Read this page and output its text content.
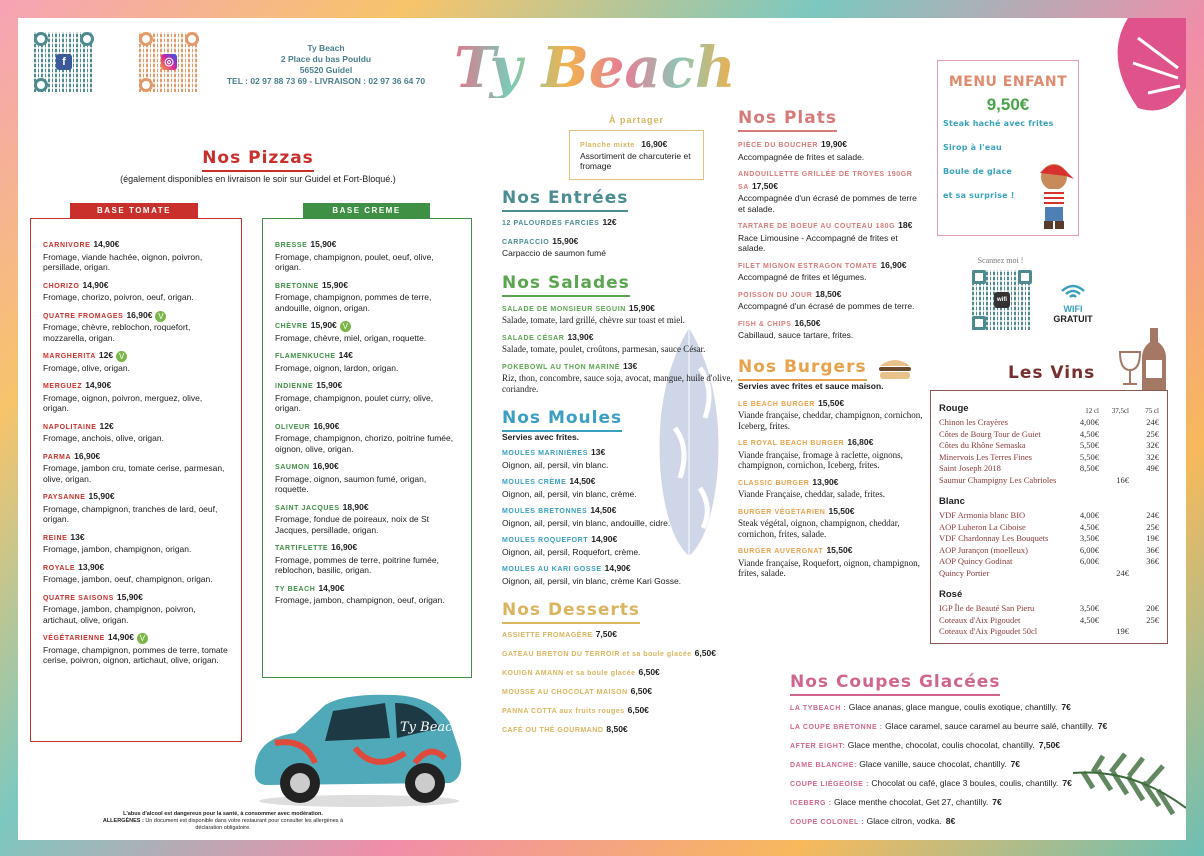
f	◎
Ty Beach
2 Place du bas Pouldu
56520 Guidel
TEL : 02 97 88 73 69 - LIVRAISON : 02 97 36 64 70 Ty Beach
Nos Pizzas
(également disponibles en livraison le soir sur Guidel et Fort-Bloqué.)
CARNIVORE 14,90€
Fromage, viande hachée, oignon, poivron, persillade, origan.
CHORIZO 14,90€
Fromage, chorizo, poivron, oeuf, origan.
QUATRE FROMAGES 16,90€ V
Fromage, chèvre, reblochon, roquefort, mozzarella, origan.
MARGHERITA 12€ V
Fromage, olive, origan.
MERGUEZ 14,90€
Fromage, oignon, poivron, merguez, olive, origan.
NAPOLITAINE 12€
Fromage, anchois, olive, origan.
PARMA 16,90€
Fromage, jambon cru, tomate cerise, parmesan, olive, origan.
PAYSANNE 15,90€
Fromage, champignon, tranches de lard, oeuf, origan.
REINE 13€
Fromage, jambon, champignon, origan.
ROYALE 13,90€
Fromage, jambon, oeuf, champignon, origan.
QUATRE SAISONS 15,90€
Fromage, jambon, champignon, poivron, artichaut, olive, origan.
VÉGÉTARIENNE 14,90€ V
Fromage, champignon, pommes de terre, tomate cerise, poivron, oignon, artichaut, olive, origan.
BASE TOMATE
BRESSE 15,90€
Fromage, champignon, poulet, oeuf, olive, origan.
BRETONNE 15,90€
Fromage, champignon, pommes de terre, andouille, oignon, origan.
CHÈVRE 15,90€ V
Fromage, chèvre, miel, origan, roquette.
FLAMENKUCHE 14€
Fromage, oignon, lardon, origan.
INDIENNE 15,90€
Fromage, champignon, poulet curry, olive, origan.
OLIVEUR 16,90€
Fromage, champignon, chorizo, poitrine fumée, oignon, olive, origan.
SAUMON 16,90€
Fromage, oignon, saumon fumé, origan, roquette.
SAINT JACQUES 18,90€
Fromage, fondue de poireaux, noix de St Jacques, persillade, origan.
TARTIFLETTE 16,90€
Fromage, pommes de terre, poitrine fumée, reblochon, basilic, origan.
TY BEACH 14,90€
Fromage, jambon, champignon, oeuf, origan.
BASE CREME
Ty Beach
L'abus d'alcool est dangereux pour la santé, à consommer avec modération.
ALLERGÈNES : Un document est disponible dans votre restaurant pour consulter les allergènes à déclaration obligatoire.
À partager
Planche mixte 16,90€
Assortiment de charcuterie et fromage
Nos Entrées
12 PALOURDES FARCIES 12€
CARPACCIO 15,90€
Carpaccio de saumon fumé
Nos Salades
SALADE DE MONSIEUR SEGUIN 15,90€
Salade, tomate, lard grillé, chèvre sur toast et miel.
SALADE CÉSAR 13,90€
Salade, tomate, poulet, croûtons, parmesan, sauce César.
POKEBOWL AU THON MARINÉ 13€
Riz, thon, concombre, sauce soja, avocat, mangue, huile d'olive, coriandre.
Nos Moules
Servies avec frites.
MOULES MARINIÈRES 13€
Oignon, ail, persil, vin blanc.
MOULES CRÈME 14,50€
Oignon, ail, persil, vin blanc, crème.
MOULES BRETONNES 14,50€
Oignon, ail, persil, vin blanc, andouille, cidre.
MOULES ROQUEFORT 14,90€
Oignon, ail, persil, Roquefort, crème.
MOULES AU KARI GOSSE 14,90€
Oignon, ail, persil, vin blanc, crème Kari Gosse.
Nos Desserts
ASSIETTE FROMAGÈRE 7,50€
GATEAU BRETON DU TERROIR et sa boule glacée 6,50€
KOUIGN AMANN et sa boule glacée 6,50€
MOUSSE AU CHOCOLAT MAISON 6,50€
PANNA COTTA aux fruits rouges 6,50€
CAFÉ OU THÉ GOURMAND 8,50€
Nos Plats
PIÈCE DU BOUCHER 19,90€
Accompagnée de frites et salade.
ANDOUILLETTE GRILLÉE DE TROYES 190GR SA 17,50€
Accompagnée d'un écrasé de pommes de terre et salade.
TARTARE DE BOEUF AU COUTEAU 180G 18€
Race Limousine - Accompagné de frites et salade.
FILET MIGNON ESTRAGON TOMATE 16,90€
Accompagné de frites et légumes.
POISSON DU JOUR 18,50€
Accompagné d'un écrasé de pommes de terre.
FISH & CHIPS 16,50€
Cabillaud, sauce tartare, frites.
Nos Burgers
Servies avec frites et sauce maison.
LE BEACH BURGER 15,50€
Viande française, cheddar, champignon, cornichon, Iceberg, frites.
LE ROYAL BEACH BURGER 16,80€
Viande française, fromage à raclette, oignons, champignon, cornichon, Iceberg, frites.
CLASSIC BURGER 13,90€
Viande Française, cheddar, salade, frites.
BURGER VÉGÉTARIEN 15,50€
Steak végétal, oignon, champignon, cheddar, cornichon, frites, salade.
BURGER AUVERGNAT 15,50€
Viande française, Roquefort, oignon, champignon, frites, salade.
MENU ENFANT
9,50€
Steak haché avec frites
Sirop à l'eau
Boule de glace
et sa surprise !
Scannez moi !
wifi
WIFI
GRATUIT
Les Vins
Rouge	12 cl	37,5cl	75 cl
Chinon les Crayères	4,00€		24€
Côtes de Bourg Tour de Guiet	4,50€		25€
Côtes du Rhône Semaska	5,50€		32€
Minervois Les Terres Fines	5,50€		32€
Saint Joseph 2018	8,50€		49€
Saumur Champigny Les Cabrioles		16€	
Blanc			
VDF Armonia blanc BIO	4,00€		24€
AOP Luberon La Ciboise	4,50€		25€
VDF Chardonnay Les Bouquets	3,50€		19€
AOP Jurançon (moelleux)	6,00€		36€
AOP Quincy Godinat	6,00€		36€
Quincy Portier		24€	
Rosé			
IGP Île de Beauté San Pieru	3,50€		20€
Coteaux d'Aix Pigoudet	4,50€		25€
Coteaux d'Aix Pigoudet 50cl		19€	
Nos Coupes Glacées
LA TYBEACH : Glace ananas, glace mangue, coulis exotique, chantilly. 7€
LA COUPE BRETONNE : Glace caramel, sauce caramel au beurre salé, chantilly. 7€
AFTER EIGHT: Glace menthe, chocolat, coulis chocolat, chantilly. 7,50€
DAME BLANCHE: Glace vanille, sauce chocolat, chantilly. 7€
COUPE LIÉGEOISE : Chocolat ou café, glace 3 boules, coulis, chantilly. 7€
ICEBERG : Glace menthe chocolat, Get 27, chantilly. 7€
COUPE COLONEL : Glace citron, vodka. 8€
